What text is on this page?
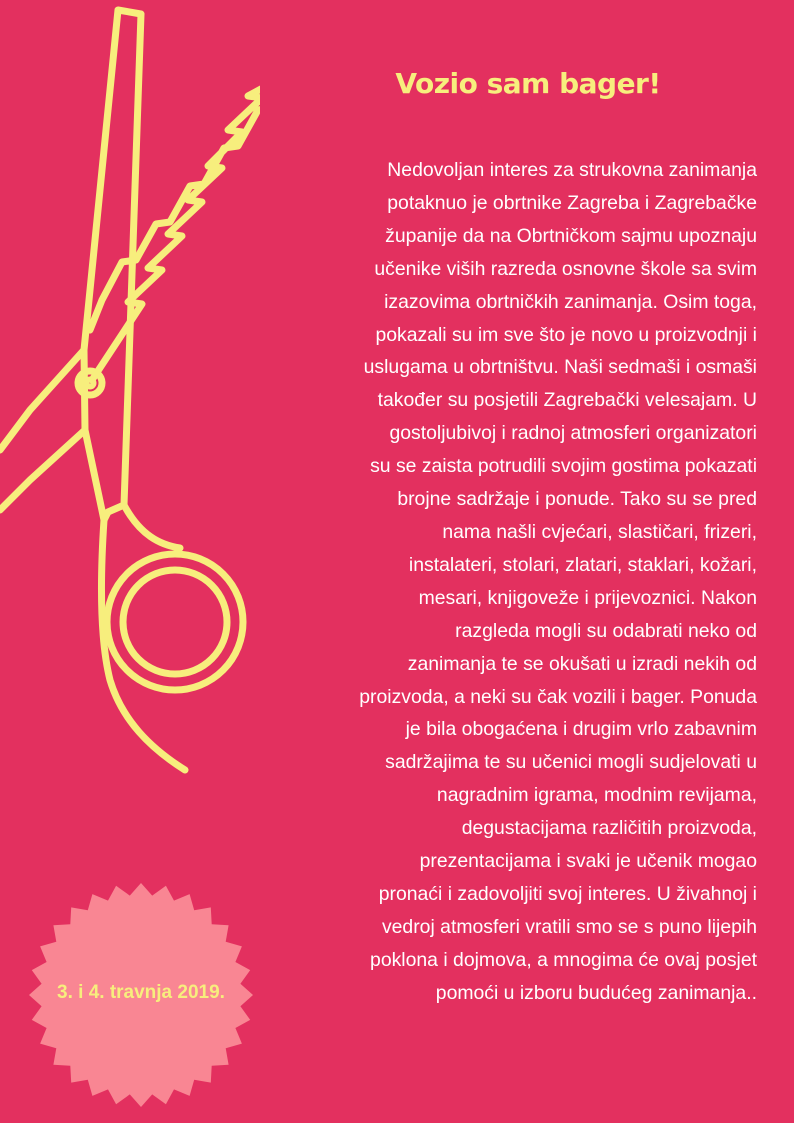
Vozio sam bager!
Nedovoljan interes za strukovna zanimanja
potaknuo je obrtnike Zagreba i Zagrebačke
županije da na Obrtničkom sajmu upoznaju
učenike viših razreda osnovne škole sa svim
izazovima obrtničkih zanimanja. Osim toga,
pokazali su im sve što je novo u proizvodnji i
uslugama u obrtništvu. Naši sedmaši i osmaši
također su posjetili Zagrebački velesajam. U
gostoljubivoj i radnoj atmosferi organizatori
su se zaista potrudili svojim gostima pokazati
brojne sadržaje i ponude. Tako su se pred
nama našli cvjećari, slastičari, frizeri,
instalateri, stolari, zlatari, staklari, kožari,
mesari, knjigoveže i prijevoznici. Nakon
razgleda mogli su odabrati neko od
zanimanja te se okušati u izradi nekih od
proizvoda, a neki su čak vozili i bager. Ponuda
je bila obogaćena i drugim vrlo zabavnim
sadržajima te su učenici mogli sudjelovati u
nagradnim igrama, modnim revijama,
degustacijama različitih proizvoda,
prezentacijama i svaki je učenik mogao
pronaći i zadovoljiti svoj interes. U živahnoj i
vedroj atmosferi vratili smo se s puno lijepih
poklona i dojmova, a mnogima će ovaj posjet
pomoći u izboru budućeg zanimanja..
3. i 4. travnja 2019.
